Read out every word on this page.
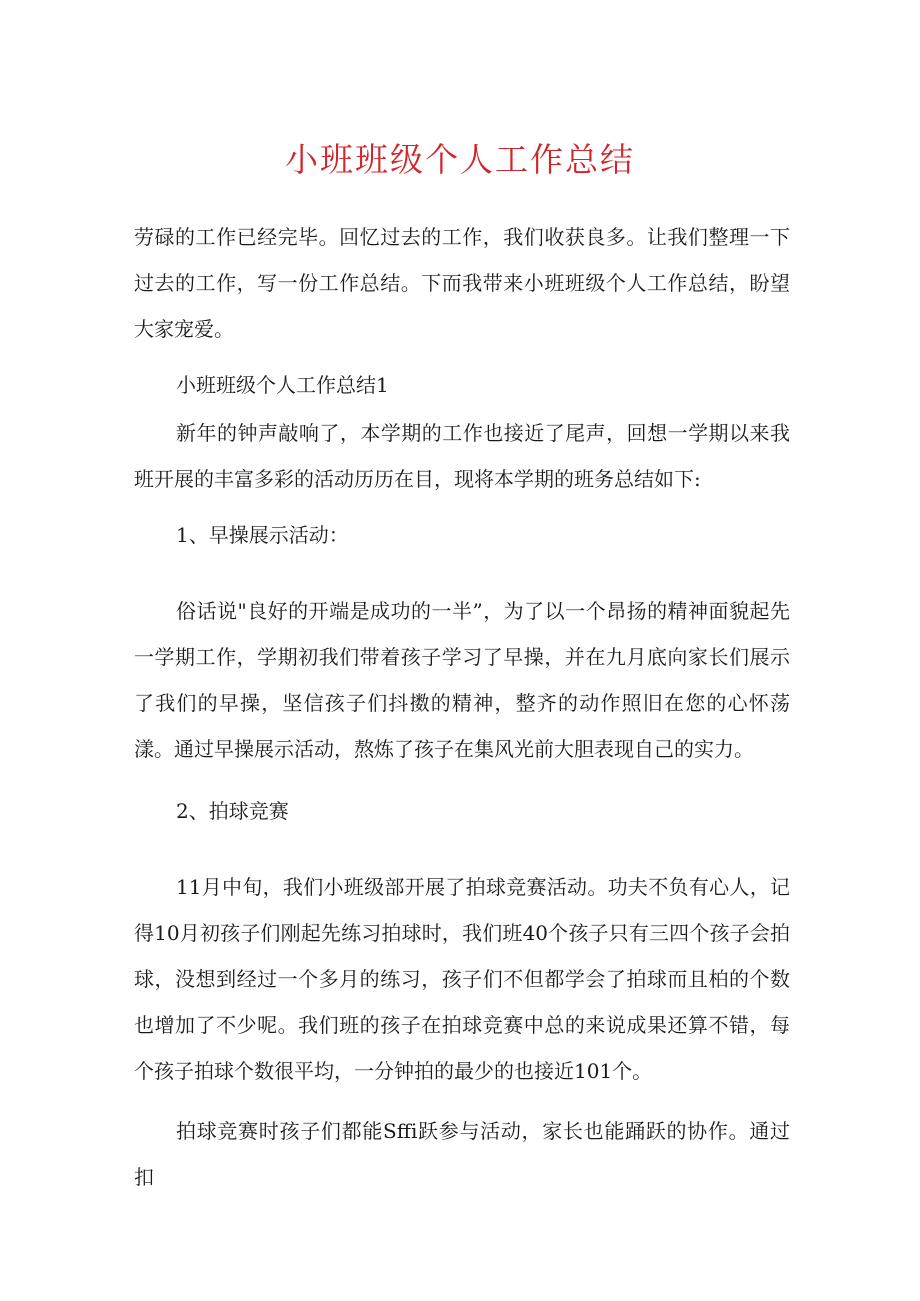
小班班级个人工作总结

劳碌的工作已经完毕。回忆过去的工作，我们收获良多。让我们整理一下过去的工作，写一份工作总结。下而我带来小班班级个人工作总结，盼望大家宠爱。

小班班级个人工作总结1

新年的钟声敲响了，本学期的工作也接近了尾声，回想一学期以来我班开展的丰富多彩的活动历历在目，现将本学期的班务总结如下:

1、早操展示活动：

俗话说"良好的开端是成功的一半”，为了以一个昂扬的精神面貌起先一学期工作，学期初我们带着孩子学习了早操，并在九月底向家长们展示了我们的早操，坚信孩子们抖擞的精神，整齐的动作照旧在您的心怀荡漾。通过早操展示活动，熬炼了孩子在集风光前大胆表现自己的实力。

2、拍球竞赛

11月中旬，我们小班级部开展了拍球竞赛活动。功夫不负有心人，记得10月初孩子们刚起先练习拍球时，我们班40个孩子只有三四个孩子会拍球，没想到经过一个多月的练习，孩子们不但都学会了拍球而且柏的个数也增加了不少呢。我们班的孩子在拍球竞赛中总的来说成果还算不错，每个孩子拍球个数很平均，一分钟拍的最少的也接近101个。

拍球竞赛时孩子们都能Sffi跃参与活动，家长也能踊跃的协作。通过扣
